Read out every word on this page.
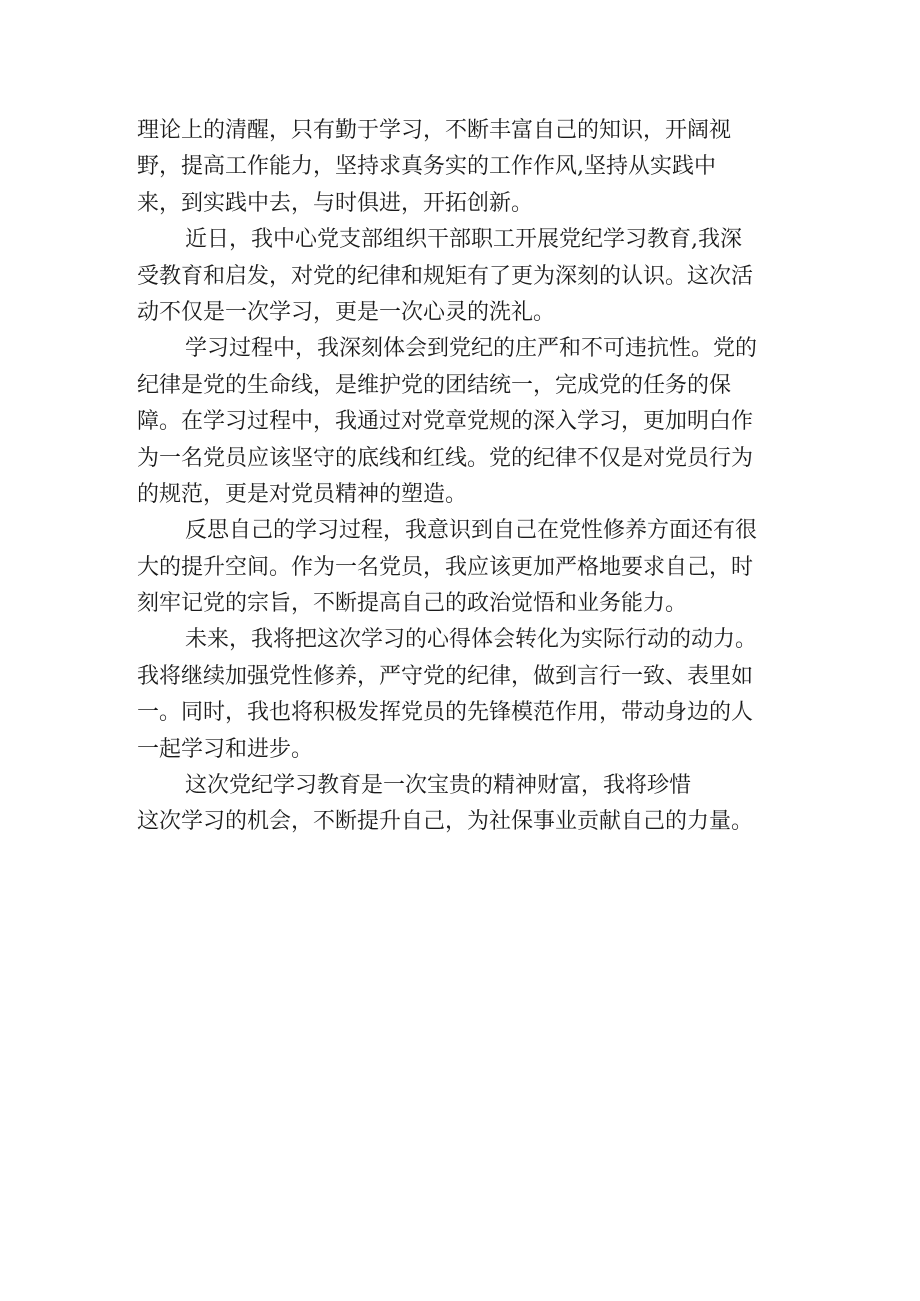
理论上的清醒，只有勤于学习，不断丰富自己的知识，开阔视
野，提高工作能力，坚持求真务实的工作作风,坚持从实践中
来，到实践中去，与时俱进，开拓创新。
近日，我中心党支部组织干部职工开展党纪学习教育,我深
受教育和启发，对党的纪律和规矩有了更为深刻的认识。这次活
动不仅是一次学习，更是一次心灵的洗礼。
学习过程中，我深刻体会到党纪的庄严和不可违抗性。党的
纪律是党的生命线，是维护党的团结统一，完成党的任务的保
障。在学习过程中，我通过对党章党规的深入学习，更加明白作
为一名党员应该坚守的底线和红线。党的纪律不仅是对党员行为
的规范，更是对党员精神的塑造。
反思自己的学习过程，我意识到自己在党性修养方面还有很
大的提升空间。作为一名党员，我应该更加严格地要求自己，时
刻牢记党的宗旨，不断提高自己的政治觉悟和业务能力。
未来，我将把这次学习的心得体会转化为实际行动的动力。
我将继续加强党性修养，严守党的纪律，做到言行一致、表里如
一。同时，我也将积极发挥党员的先锋模范作用，带动身边的人
一起学习和进步。
这次党纪学习教育是一次宝贵的精神财富，我将珍惜
这次学习的机会，不断提升自己，为社保事业贡献自己的力量。
